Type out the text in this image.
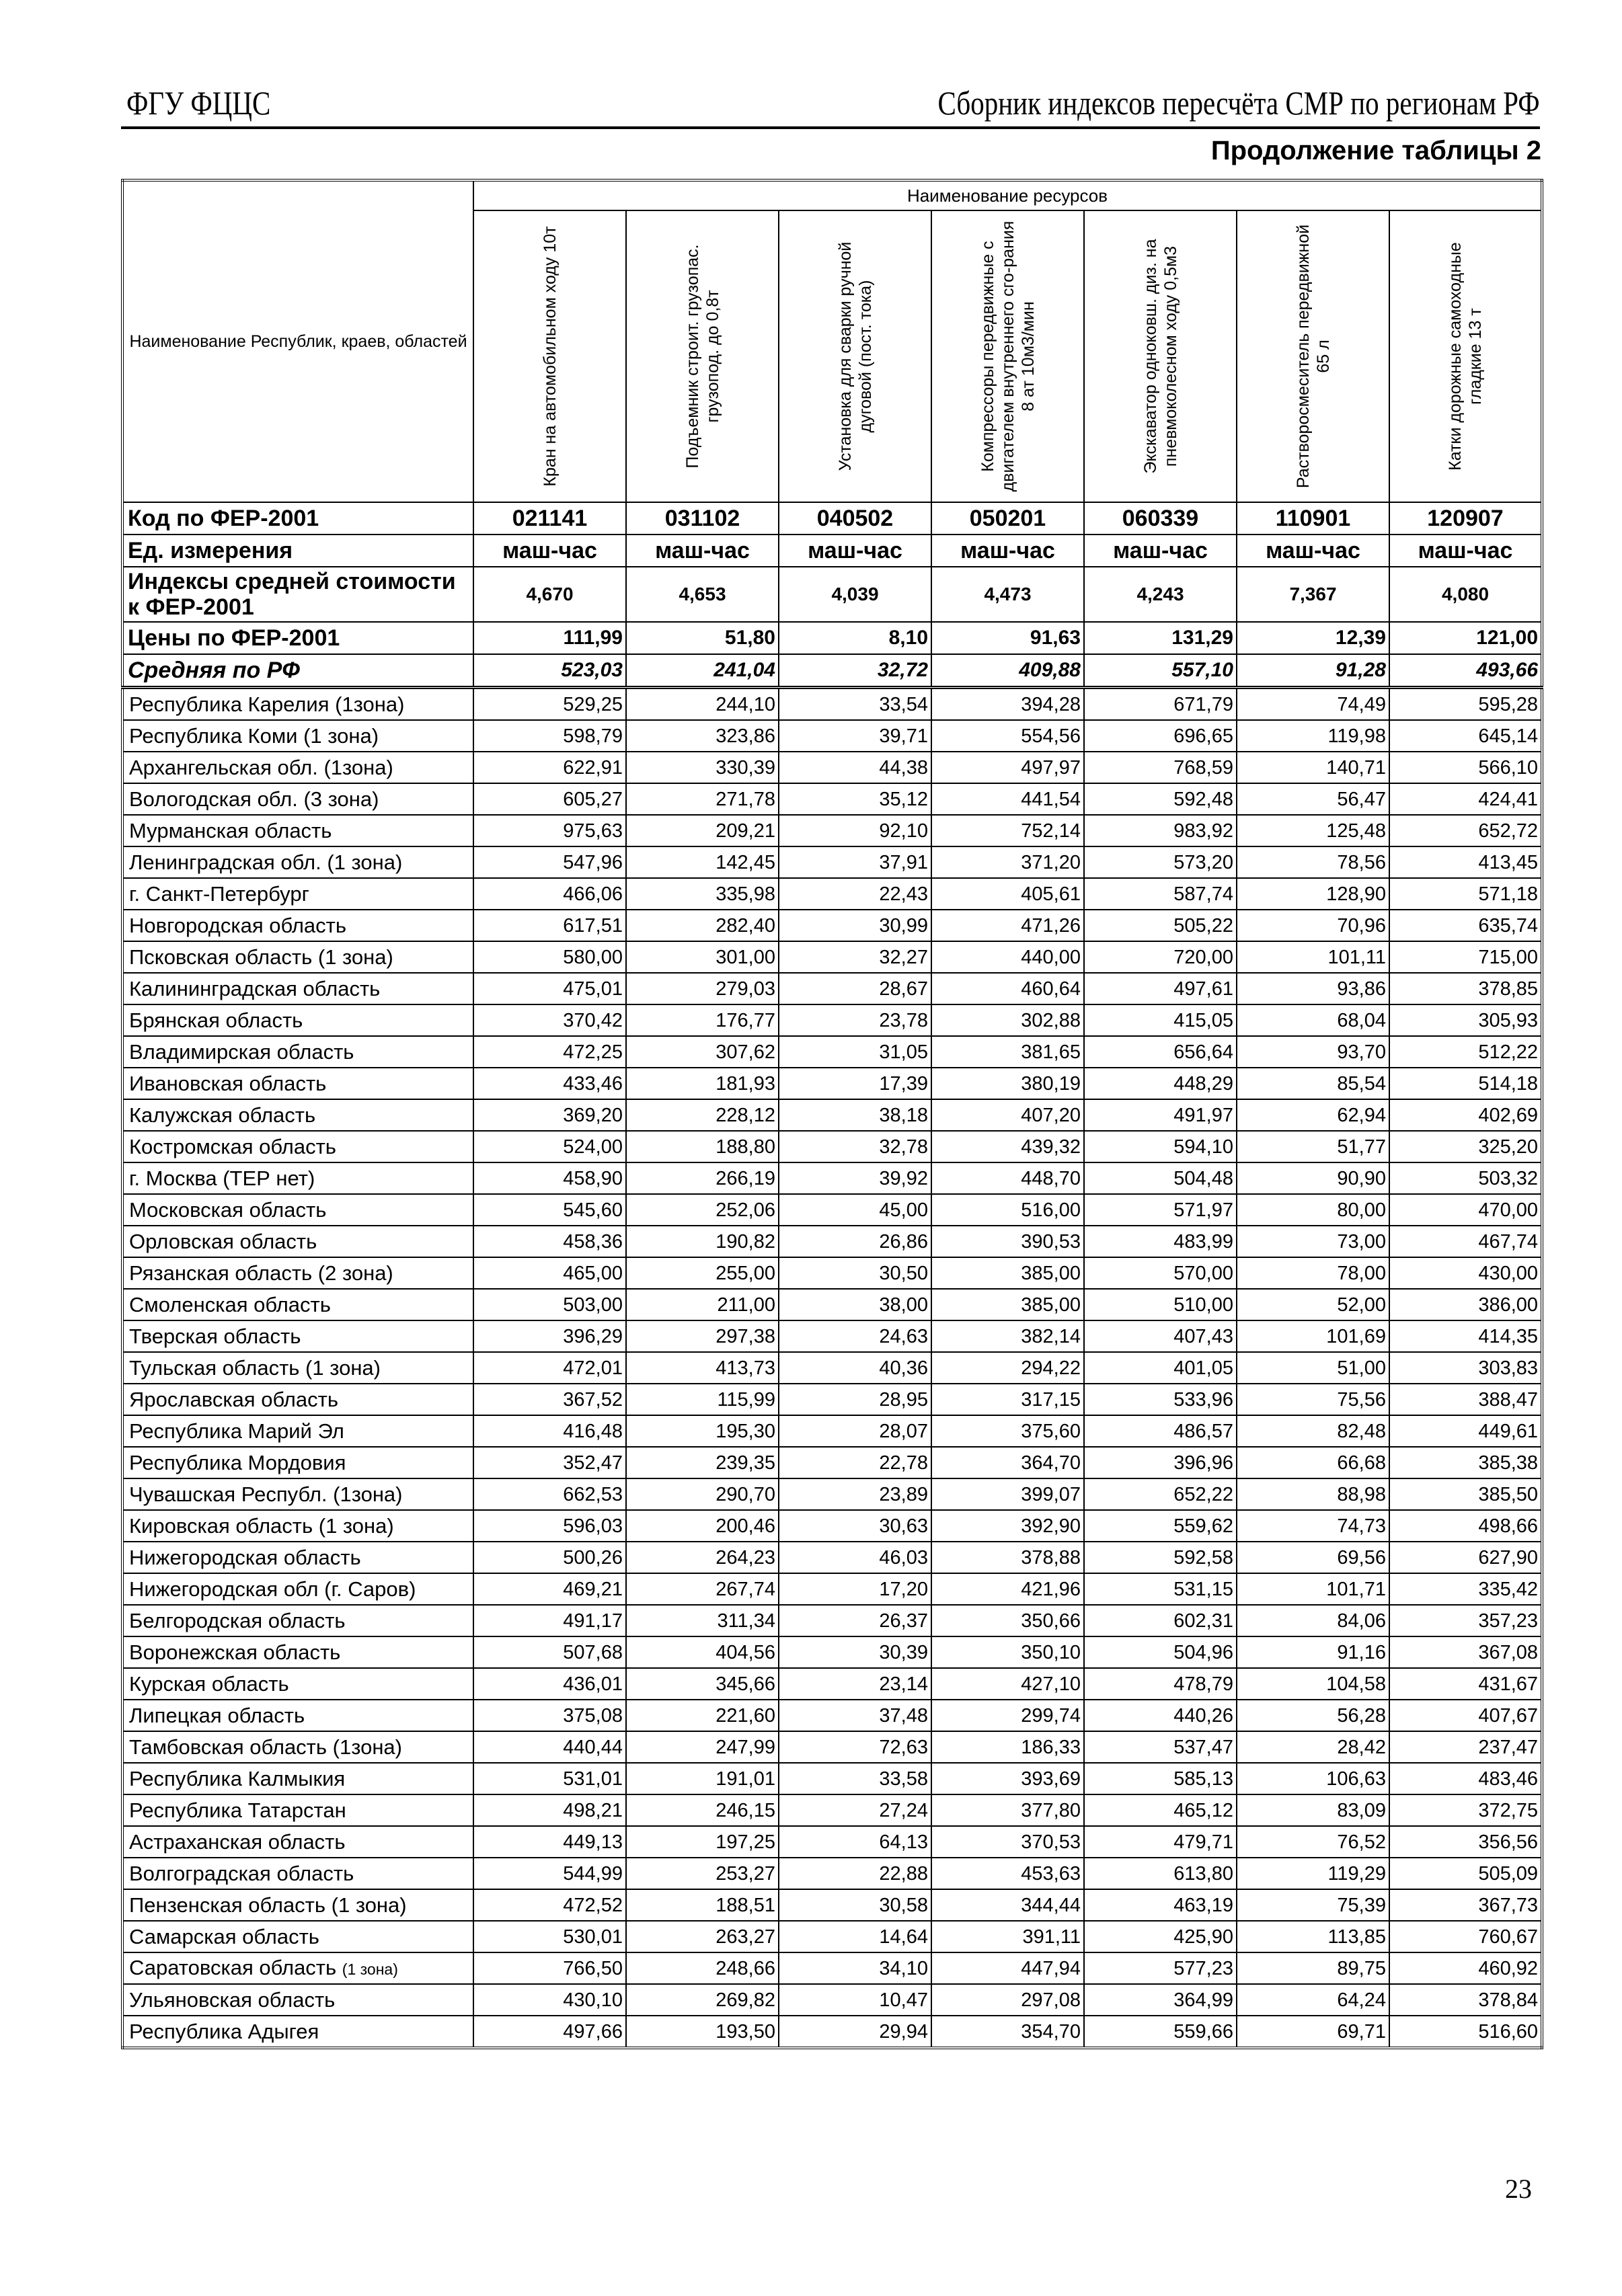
ФГУ ФЦЦС	Сборник индексов пересчёта СМР по регионам РФ
Продолжение таблицы 2
Наименование Республик, краев, областей	Наименование ресурсов						

	Кран на автомобильном ходу 10т	Подъемник строит. грузопас. грузопод. до 0,8т	Установка для сварки ручной дуговой (пост. тока)	Компрессоры передвижные с двигателем внутреннего сго-рания 8 ат 10м3/мин	Экскаватор одноковш. диз. на пневмоколесном ходу 0,5м3	Растворосмеситель передвижной 65 л	Катки дорожные самоходные гладкие 13 т

Код по ФЕР-2001	021141	031102	040502	050201	060339	110901	120907
Ед. измерения	маш-час	маш-час	маш-час	маш-час	маш-час	маш-час	маш-час
Индексы средней стоимости к ФЕР-2001	4,670	4,653	4,039	4,473	4,243	7,367	4,080
Цены по ФЕР-2001	111,99	51,80	8,10	91,63	131,29	12,39	121,00
Средняя по РФ	523,03	241,04	32,72	409,88	557,10	91,28	493,66
Республика Карелия (1зона)	529,25	244,10	33,54	394,28	671,79	74,49	595,28
Республика Коми (1 зона)	598,79	323,86	39,71	554,56	696,65	119,98	645,14
Архангельская обл. (1зона)	622,91	330,39	44,38	497,97	768,59	140,71	566,10
Вологодская обл. (3 зона)	605,27	271,78	35,12	441,54	592,48	56,47	424,41
Мурманская область	975,63	209,21	92,10	752,14	983,92	125,48	652,72
Ленинградская обл. (1 зона)	547,96	142,45	37,91	371,20	573,20	78,56	413,45
г. Санкт-Петербург	466,06	335,98	22,43	405,61	587,74	128,90	571,18
Новгородская область	617,51	282,40	30,99	471,26	505,22	70,96	635,74
Псковская область (1 зона)	580,00	301,00	32,27	440,00	720,00	101,11	715,00
Калининградская область	475,01	279,03	28,67	460,64	497,61	93,86	378,85
Брянская область	370,42	176,77	23,78	302,88	415,05	68,04	305,93
Владимирская область	472,25	307,62	31,05	381,65	656,64	93,70	512,22
Ивановская область	433,46	181,93	17,39	380,19	448,29	85,54	514,18
Калужская область	369,20	228,12	38,18	407,20	491,97	62,94	402,69
Костромская область	524,00	188,80	32,78	439,32	594,10	51,77	325,20
г. Москва (ТЕР нет)	458,90	266,19	39,92	448,70	504,48	90,90	503,32
Московская область	545,60	252,06	45,00	516,00	571,97	80,00	470,00
Орловская область	458,36	190,82	26,86	390,53	483,99	73,00	467,74
Рязанская область (2 зона)	465,00	255,00	30,50	385,00	570,00	78,00	430,00
Смоленская область	503,00	211,00	38,00	385,00	510,00	52,00	386,00
Тверская область	396,29	297,38	24,63	382,14	407,43	101,69	414,35
Тульская область (1 зона)	472,01	413,73	40,36	294,22	401,05	51,00	303,83
Ярославская область	367,52	115,99	28,95	317,15	533,96	75,56	388,47
Республика Марий Эл	416,48	195,30	28,07	375,60	486,57	82,48	449,61
Республика Мордовия	352,47	239,35	22,78	364,70	396,96	66,68	385,38
Чувашская Республ. (1зона)	662,53	290,70	23,89	399,07	652,22	88,98	385,50
Кировская область (1 зона)	596,03	200,46	30,63	392,90	559,62	74,73	498,66
Нижегородская область	500,26	264,23	46,03	378,88	592,58	69,56	627,90
Нижегородская обл (г. Саров)	469,21	267,74	17,20	421,96	531,15	101,71	335,42
Белгородская область	491,17	311,34	26,37	350,66	602,31	84,06	357,23
Воронежская область	507,68	404,56	30,39	350,10	504,96	91,16	367,08
Курская область	436,01	345,66	23,14	427,10	478,79	104,58	431,67
Липецкая область	375,08	221,60	37,48	299,74	440,26	56,28	407,67
Тамбовская область (1зона)	440,44	247,99	72,63	186,33	537,47	28,42	237,47
Республика Калмыкия	531,01	191,01	33,58	393,69	585,13	106,63	483,46
Республика Татарстан	498,21	246,15	27,24	377,80	465,12	83,09	372,75
Астраханская область	449,13	197,25	64,13	370,53	479,71	76,52	356,56
Волгоградская область	544,99	253,27	22,88	453,63	613,80	119,29	505,09
Пензенская область (1 зона)	472,52	188,51	30,58	344,44	463,19	75,39	367,73
Самарская область	530,01	263,27	14,64	391,11	425,90	113,85	760,67
Саратовская область (1 зона)	766,50	248,66	34,10	447,94	577,23	89,75	460,92
Ульяновская область	430,10	269,82	10,47	297,08	364,99	64,24	378,84
Республика Адыгея	497,66	193,50	29,94	354,70	559,66	69,71	516,60
23
